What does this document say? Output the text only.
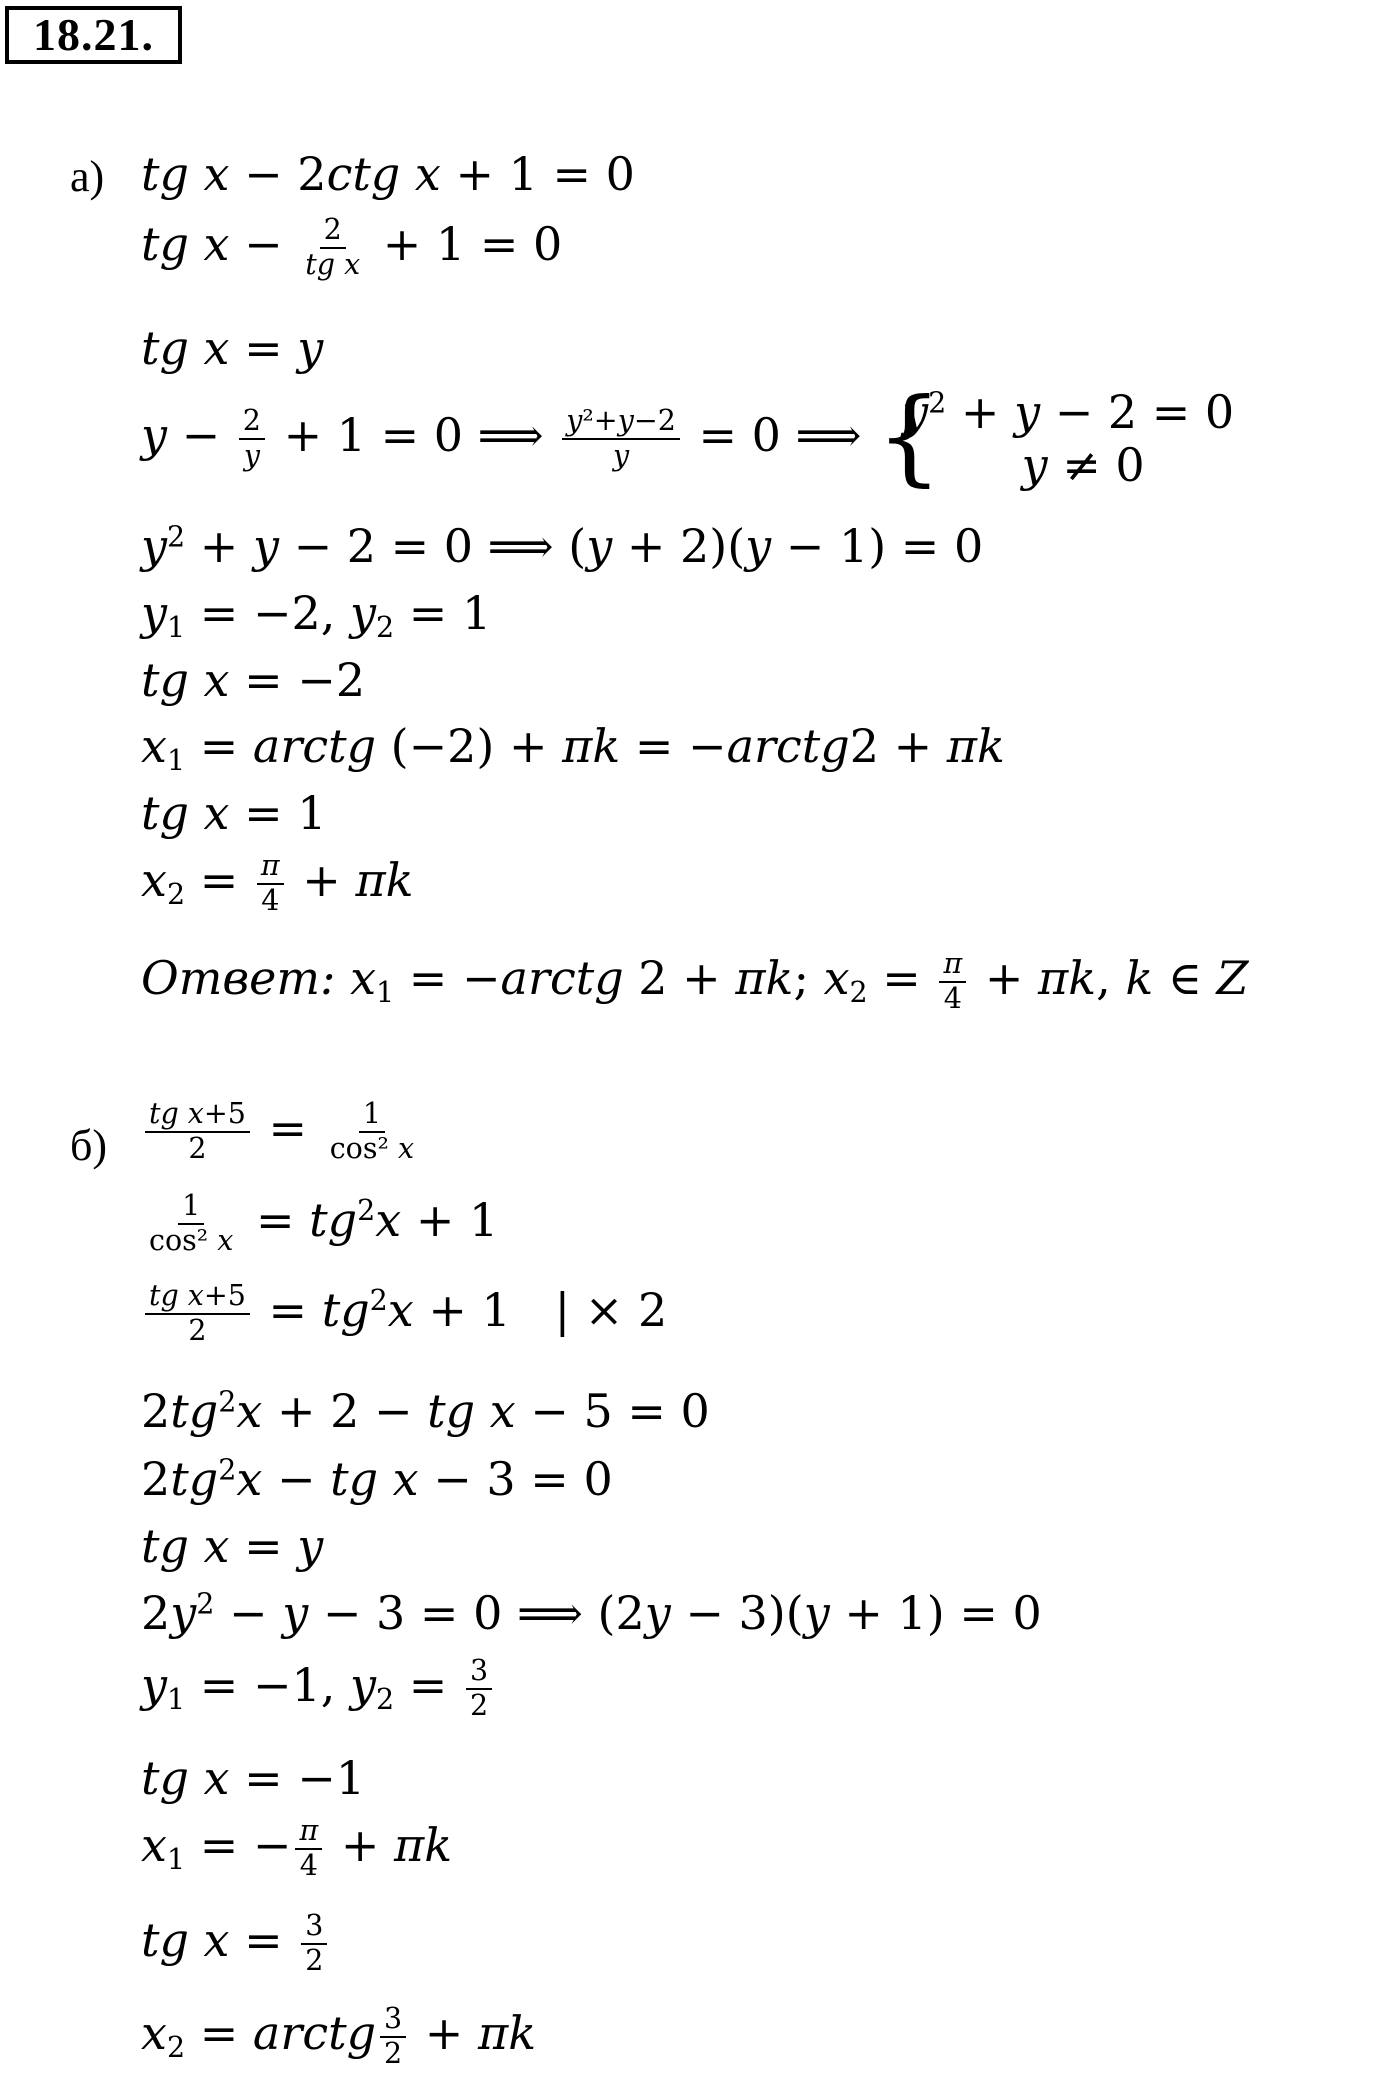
18.21.
а) tg x − 2ctg x + 1 = 0
tg $x - \frac{2}{\text{tg x}} + 1 = 0$
tg x = y
$y - \frac{2}{y} + 1 = 0$ ⟹ $\frac{\text{y²+y−2}}{y} = 0$ ⟹
{ $y^2 + y - 2 = 0$
y ≠ 0
$y^2 + y - 2 = 0$ ⟹ (y + 2)(y − 1) = 0
$y_1 = -2$, $y_2 = 1$
tg x = −2
$x_1$ = arctg (−2) + πk = −arctg2 + πk
tg x = 1
$x_2 = \frac{\pi}{4} + \pi k$
Ответ: $x_1$ = −arctg 2 + πk; $x_2 = \frac{\pi}{4} + \pi k$, k ∈ Z
$б) \frac{\text{tg x+5}}{2} = \frac{1}{\text{cos² x}}$
$\frac{1}{\text{cos² x}} = tg^2x + 1$
$\frac{\text{tg x+5}}{2} = tg^2x + 1$   | × 2
$2tg^2x + 2$ − tg x − 5 = 0
$2tg^2x$ − tg x − 3 = 0
tg x = y
$2y^2 - y - 3 = 0$ ⟹ (2y − 3)(y + 1) = 0
$y_1 = -1$, $y_2 = \frac{3}{2}$
tg x = −1
$x_1$ = − $\frac{\pi}{4} + \pi k$
tg $x = \frac{3}{2}$
$x_2$ = arctg $\frac{3}{2} + \pi k$
